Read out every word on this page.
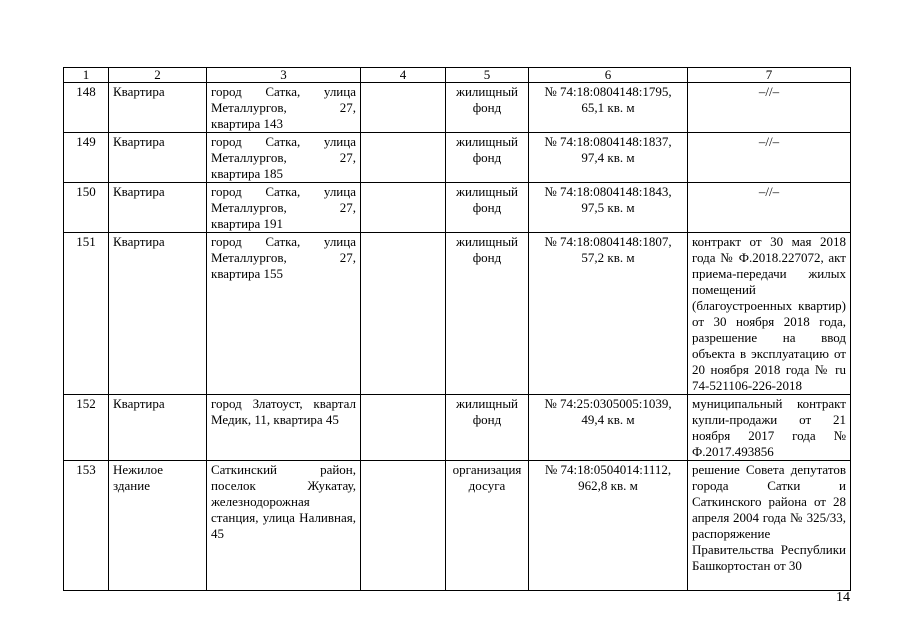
1	2	3	4	5	6	7
148	Квартира	город Сатка, улица Металлургов, 27, квартира 143		жилищный фонд	№ 74:18:0804148:1795, 65,1 кв. м	–//–
149	Квартира	город Сатка, улица Металлургов, 27, квартира 185		жилищный фонд	№ 74:18:0804148:1837, 97,4 кв. м	–//–
150	Квартира	город Сатка, улица Металлургов, 27, квартира 191		жилищный фонд	№ 74:18:0804148:1843, 97,5 кв. м	–//–
151	Квартира	город Сатка, улица Металлургов, 27, квартира 155		жилищный фонд	№ 74:18:0804148:1807, 57,2 кв. м	контракт от 30 мая 2018 года № Ф.2018.227072, акт приема-передачи жилых помещений (благоустроенных квартир) от 30 ноября 2018 года, разрешение на ввод объекта в эксплуатацию от 20 ноября 2018 года № ru 74-521106-226-2018
152	Квартира	город Златоуст, квартал Медик, 11, квартира 45		жилищный фонд	№ 74:25:0305005:1039, 49,4 кв. м	муниципальный контракт купли-продажи от 21 ноября 2017 года № Ф.2017.493856
153	Нежилое здание	Саткинский район, поселок Жукатау, железнодорожная станция, улица Наливная, 45		организация досуга	№ 74:18:0504014:1112, 962,8 кв. м	решение Совета депутатов города Сатки и Саткинского района от 28 апреля 2004 года № 325/33, распоряжение Правительства Республики Башкортостан от 30
14
